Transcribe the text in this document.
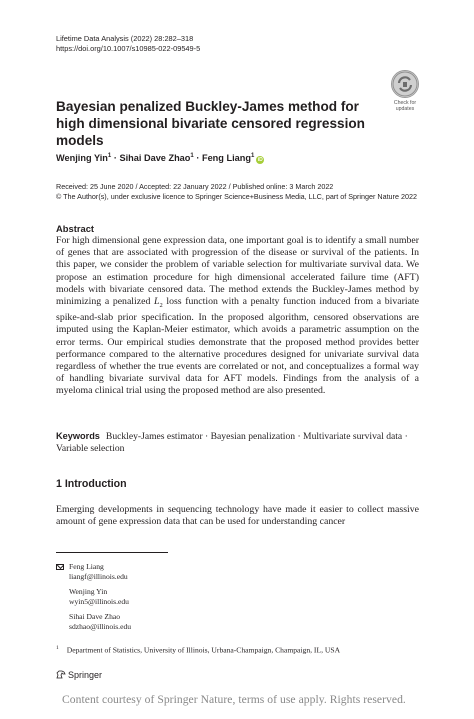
Lifetime Data Analysis (2022) 28:282–318
https://doi.org/10.1007/s10985-022-09549-5
Check for
updates
Bayesian penalized Buckley-James method for high dimensional bivariate censored regression models
Wenjing Yin$^1$ · Sihai Dave Zhao$^1$ · Feng Liang$^1$iD
Received: 25 June 2020 / Accepted: 22 January 2022 / Published online: 3 March 2022
© The Author(s), under exclusive licence to Springer Science+Business Media, LLC, part of Springer Nature 2022
Abstract

For high dimensional gene expression data, one important goal is to identify a small number of genes that are associated with progression of the disease or survival of the patients. In this paper, we consider the problem of variable selection for multivariate survival data. We propose an estimation procedure for high dimensional accelerated failure time (AFT) models with bivariate censored data. The method extends the Buckley-James method by minimizing a penalized $L_2$ loss function with a penalty function induced from a bivariate spike-and-slab prior specification. In the proposed algorithm, censored observations are imputed using the Kaplan-Meier estimator, which avoids a parametric assumption on the error terms. Our empirical studies demonstrate that the proposed method provides better performance compared to the alternative procedures designed for univariate survival data regardless of whether the true events are correlated or not, and conceptualizes a formal way of handling bivariate survival data for AFT models. Findings from the analysis of a myeloma clinical trial using the proposed method are also presented.

Keywords Buckley-James estimator · Bayesian penalization · Multivariate survival data · Variable selection
1 Introduction
Emerging developments in sequencing technology have made it easier to collect massive amount of gene expression data that can be used for understanding cancer
Feng Liang
liangf@illinois.edu
Wenjing Yin
wyin5@illinois.edu
Sihai Dave Zhao
sdzhao@illinois.edu
$^1$ Department of Statistics, University of Illinois, Urbana-Champaign, Champaign, IL, USA
Springer
Content courtesy of Springer Nature, terms of use apply. Rights reserved.
